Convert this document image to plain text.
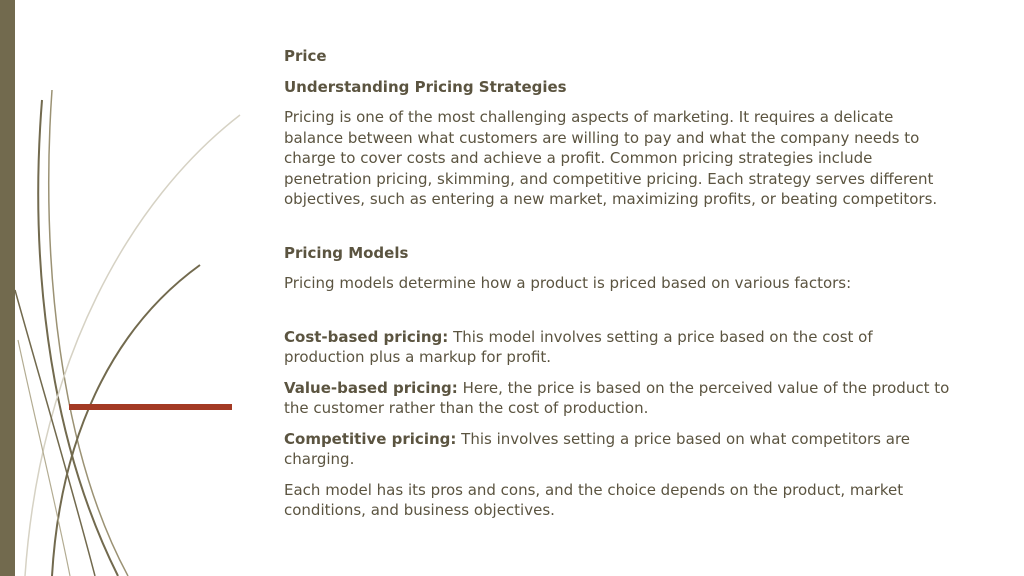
Price

Understanding Pricing Strategies

Pricing is one of the most challenging aspects of marketing. It requires a delicate balance between what customers are willing to pay and what the company needs to charge to cover costs and achieve a profit. Common pricing strategies include penetration pricing, skimming, and competitive pricing. Each strategy serves different objectives, such as entering a new market, maximizing profits, or beating competitors.

Pricing Models

Pricing models determine how a product is priced based on various factors:

Cost-based pricing: This model involves setting a price based on the cost of production plus a markup for profit.

Value-based pricing: Here, the price is based on the perceived value of the product to the customer rather than the cost of production.

Competitive pricing: This involves setting a price based on what competitors are charging.

Each model has its pros and cons, and the choice depends on the product, market conditions, and business objectives.
